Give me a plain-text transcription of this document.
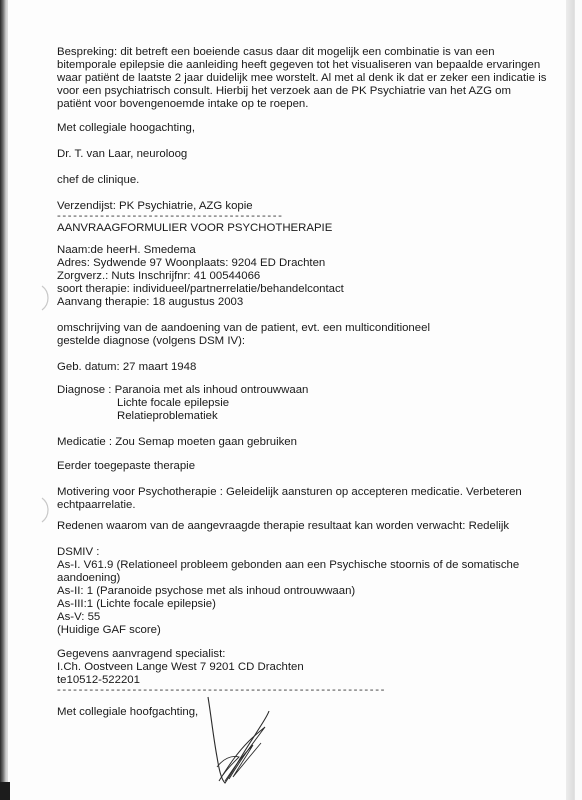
Bespreking: dit betreft een boeiende casus daar dit mogelijk een combinatie is van een bitemporale epilepsie die aanleiding heeft gegeven tot het visualiseren van bepaalde ervaringen waar patiënt de laatste 2 jaar duidelijk mee worstelt. Al met al denk ik dat er zeker een indicatie is voor een psychiatrisch consult. Hierbij het verzoek aan de PK Psychiatrie van het AZG om patiënt voor bovengenoemde intake op te roepen.
Met collegiale hoogachting,
Dr. T. van Laar, neuroloog
chef de clinique.
Verzendijst: PK Psychiatrie, AZG kopie
------------------------------------------
AANVRAAGFORMULIER VOOR PSYCHOTHERAPIE
Naam:de heerH. Smedema
Adres: Sydwende 97 Woonplaats: 9204 ED Drachten
Zorgverz.: Nuts Inschrijfnr: 41 00544066
soort therapie: individueel/partnerrelatie/behandelcontact
Aanvang therapie: 18 augustus 2003
omschrijving van de aandoening van de patient, evt. een multiconditioneel
gestelde diagnose (volgens DSM IV):
Geb. datum: 27 maart 1948
Diagnose : Paranoia met als inhoud ontrouwwaan
Lichte focale epilepsie
Relatieproblematiek
Medicatie : Zou Semap moeten gaan gebruiken
Eerder toegepaste therapie
Motivering voor Psychotherapie : Geleidelijk aansturen op accepteren medicatie. Verbeteren echtpaarrelatie.
Redenen waarom van de aangevraagde therapie resultaat kan worden verwacht: Redelijk
DSMIV :
As-I. V61.9 (Relationeel probleem gebonden aan een Psychische stoornis of de somatische
aandoening)
As-II: 1 (Paranoide psychose met als inhoud ontrouwwaan)
As-III:1 (Lichte focale epilepsie)
As-V: 55
(Huidige GAF score)
Gegevens aanvragend specialist:
I.Ch. Oostveen Lange West 7 9201 CD Drachten
te10512-522201
-------------------------------------------------------------
Met collegiale hoofgachting,
